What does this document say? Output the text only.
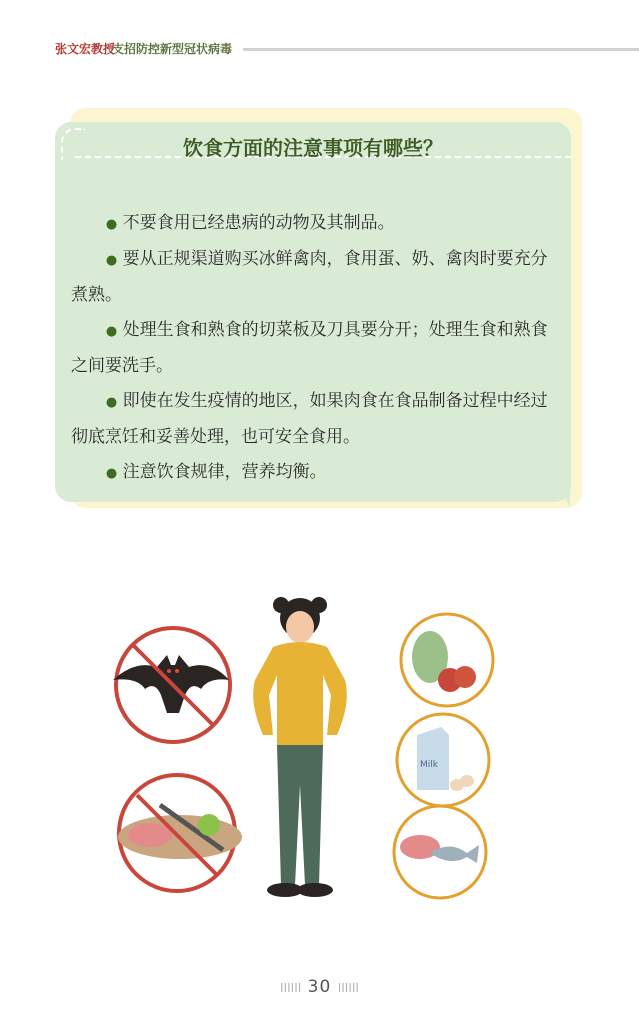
张文宏教授
支招防控新型冠状病毒
饮食方面的注意事项有哪些？

● 不要食用已经患病的动物及其制品。

● 要从正规渠道购买冰鲜禽肉，食用蛋、奶、禽肉时要充分煮熟。

● 处理生食和熟食的切菜板及刀具要分开；处理生食和熟食之间要洗手。

● 即使在发生疫情的地区，如果肉食在食品制备过程中经过彻底烹饪和妥善处理，也可安全食用。

● 注意饮食规律，营养均衡。

Milk
IIIIII 30 IIIIII
